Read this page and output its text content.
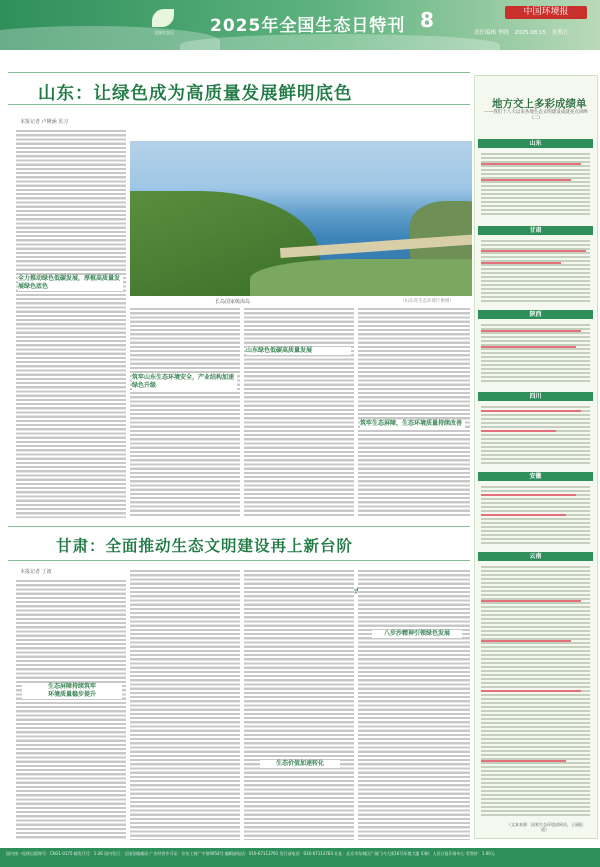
全国生态日	2025年全国生态日特刊 8	中国环境报
责任编辑 李晓 2025.08.15 星期五
山东：让绿色成为高质量发展鲜明底色
本报记者 卢隆涵 见习
全力推动绿色低碳发展，厚植高质量发展绿色底色
长岛国家级海岛	（山东省生态环境厅供图）
筑牢山东生态环境安全，产业结构加速绿色升级
山东绿色低碳高质量发展
筑牢生态屏障，生态环境质量持续改善
甘肃：全面推动生态文明建设再上新台阶
本报记者 丁波
生态屏障持续筑牢
环境质量稳步提升
生态价值加速转化
八步沙精神引领绿色发展
地方交上多彩成绩单
——我们十八大以来各地生态文明建设成就亮点回眸（二）
山东
甘肃
陕西
四川
安徽
云南
（文本来源：国家生态环境部网站，王丽报道）
国内统一连续出版物号：CN11-0175 邮发代号：1-26 国内发行：全国各地邮局 广告经营许可证：京东工商广字第0054号 编辑部电话：010-67113791 发行部电话：010-67113783 社址：北京市东城区广渠门内大街16号环境大厦 印刷：人民日报印务中心 零售价：1.00元
